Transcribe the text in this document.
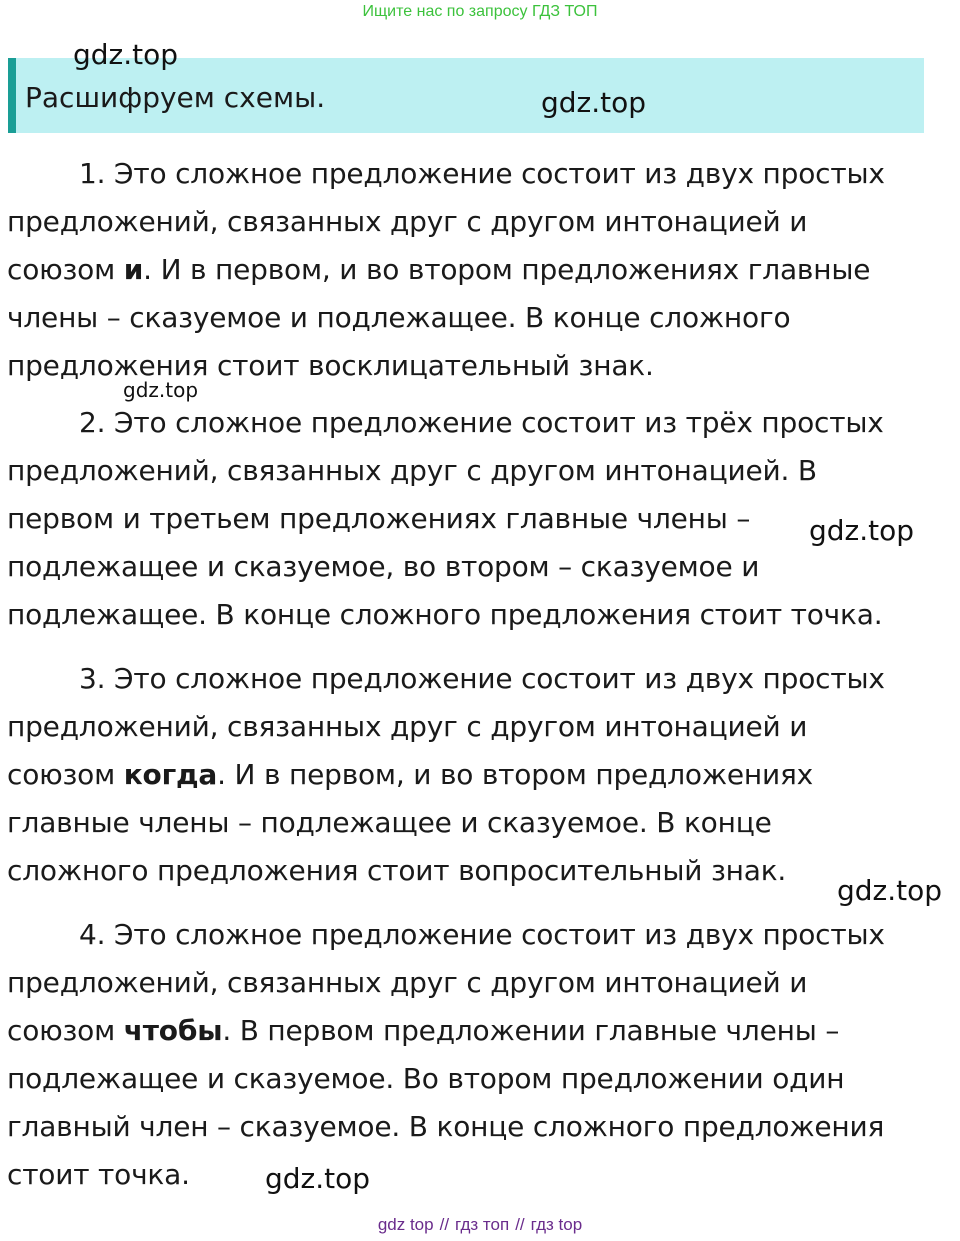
Ищите нас по запросу ГДЗ ТОП
Расшифруем схемы.
gdz.top
gdz.top
gdz.top
gdz.top
gdz.top
gdz.top
1. Это сложное предложение состоит из двух простых
предложений, связанных друг с другом интонацией и
союзом и. И в первом, и во втором предложениях главные
члены – сказуемое и подлежащее. В конце сложного
предложения стоит восклицательный знак.
2. Это сложное предложение состоит из трёх простых
предложений, связанных друг с другом интонацией. В
первом и третьем предложениях главные члены –
подлежащее и сказуемое, во втором – сказуемое и
подлежащее. В конце сложного предложения стоит точка.
3. Это сложное предложение состоит из двух простых
предложений, связанных друг с другом интонацией и
союзом когда. И в первом, и во втором предложениях
главные члены – подлежащее и сказуемое. В конце
сложного предложения стоит вопросительный знак.
4. Это сложное предложение состоит из двух простых
предложений, связанных друг с другом интонацией и
союзом чтобы. В первом предложении главные члены –
подлежащее и сказуемое. Во втором предложении один
главный член – сказуемое. В конце сложного предложения
стоит точка.
gdz top // гдз топ // гдз top
